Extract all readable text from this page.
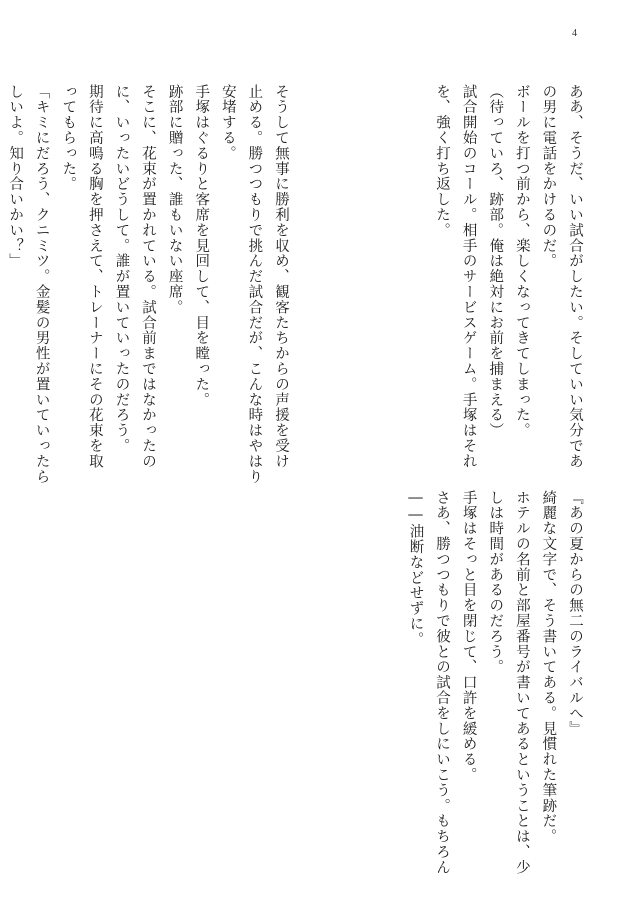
4

ああ、そうだ、いい試合がしたい。そしていい気分であ

の男に電話をかけるのだ。

ボールを打つ前から、楽しくなってきてしまった。

（待っていろ、跡部。俺は絶対にお前を捕まえる）

試合開始のコール。相手のサービスゲーム。手塚はそれ

を、強く打ち返した。

そうして無事に勝利を収め、観客たちからの声援を受け

止める。勝つつもりで挑んだ試合だが、こんな時はやはり

安堵する。

手塚はぐるりと客席を見回して、目を瞠った。

跡部に贈った、誰もいない座席。

そこに、花束が置かれている。試合前まではなかったの

に、いったいどうして。誰が置いていったのだろう。

期待に高鳴る胸を押さえて、トレーナーにその花束を取

ってもらった。

「キミにだろう、クニミツ。金髪の男性が置いていったら

しいよ。知り合いかい？」

『あの夏からの無二のライバルへ』

綺麗な文字で、そう書いてある。見慣れた筆跡だ。

ホテルの名前と部屋番号が書いてあるということは、少

しは時間があるのだろう。

手塚はそっと目を閉じて、口許を緩める。

さあ、勝つつもりで彼との試合をしにいこう。もちろん

――油断などせずに。
